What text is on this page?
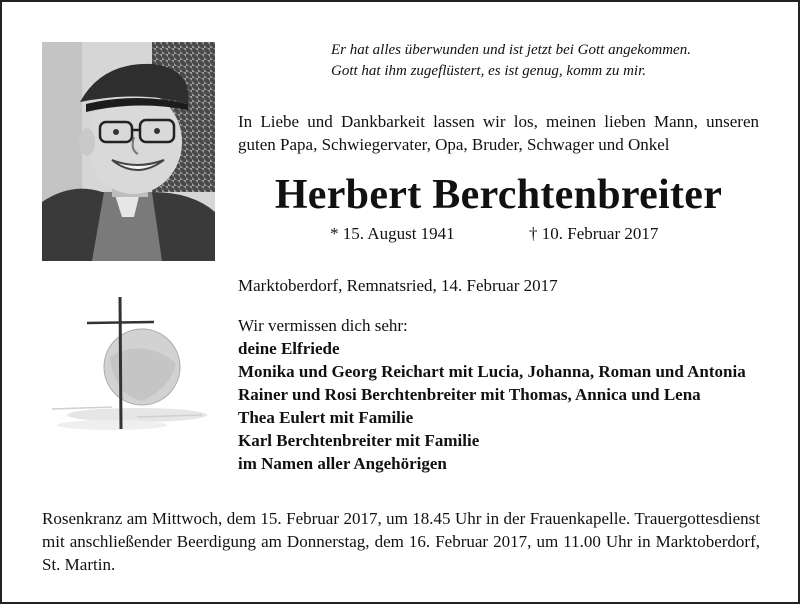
Er hat alles überwunden und ist jetzt bei Gott angekommen.
Gott hat ihm zugeflüstert, es ist genug, komm zu mir.
In Liebe und Dankbarkeit lassen wir los, meinen lieben Mann, unseren guten Papa, Schwiegervater, Opa, Bruder, Schwager und Onkel
Herbert Berchtenbreiter
* 15. August 1941	† 10. Februar 2017
Marktoberdorf, Remnatsried, 14. Februar 2017
Wir vermissen dich sehr:
deine Elfriede
Monika und Georg Reichart mit Lucia, Johanna, Roman und Antonia
Rainer und Rosi Berchtenbreiter mit Thomas, Annica und Lena
Thea Eulert mit Familie
Karl Berchtenbreiter mit Familie
im Namen aller Angehörigen
Rosenkranz am Mittwoch, dem 15. Februar 2017, um 18.45 Uhr in der Frauenkapelle. Trauergottesdienst mit anschließender Beerdigung am Donnerstag, dem 16. Februar 2017, um 11.00 Uhr in Marktoberdorf, St. Martin.
